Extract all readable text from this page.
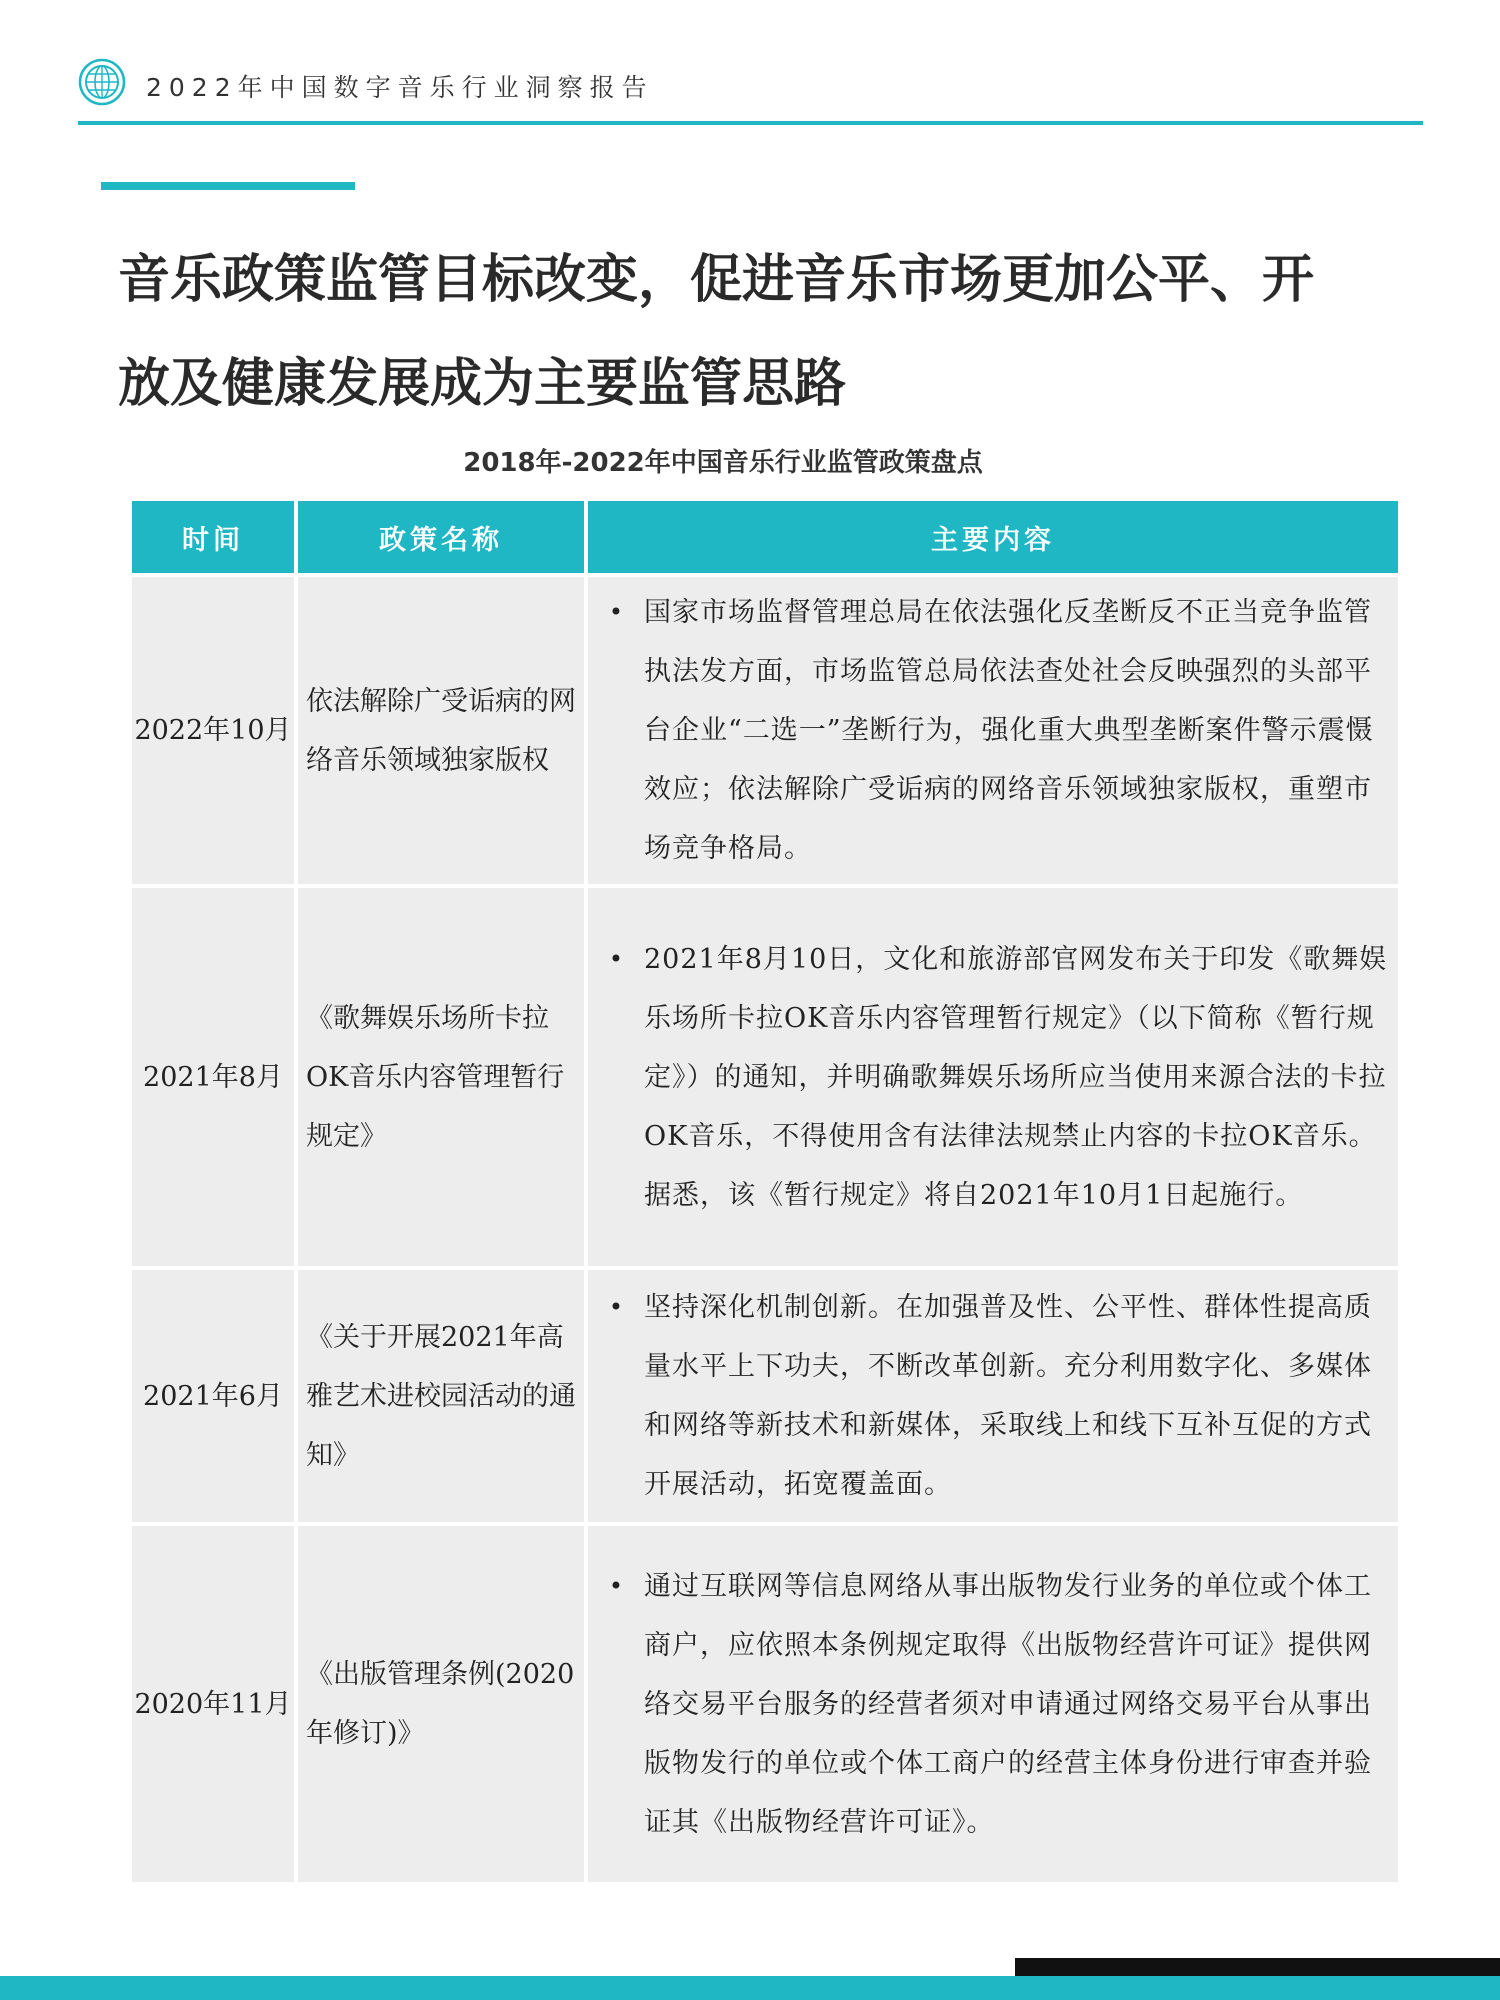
2022年中国数字音乐行业洞察报告
音乐政策监管目标改变，促进音乐市场更加公平、开
放及健康发展成为主要监管思路
2018年-2022年中国音乐行业监管政策盘点
时间	政策名称	主要内容
2022年10月	依法解除广受诟病的网络音乐领域独家版权	• 国家市场监督管理总局在依法强化反垄断反不正当竞争监管执法发方面，市场监管总局依法查处社会反映强烈的头部平台企业“二选一”垄断行为，强化重大典型垄断案件警示震慑效应；依法解除广受诟病的网络音乐领域独家版权，重塑市场竞争格局。

2021年8月	《歌舞娱乐场所卡拉OK音乐内容管理暂行规定》	• 2021年8月10日，文化和旅游部官网发布关于印发《歌舞娱乐场所卡拉OK音乐内容管理暂行规定》（以下简称《暂行规定》）的通知，并明确歌舞娱乐场所应当使用来源合法的卡拉OK音乐，不得使用含有法律法规禁止内容的卡拉OK音乐。据悉，该《暂行规定》将自2021年10月1日起施行。

2021年6月	《关于开展2021年高雅艺术进校园活动的通知》	• 坚持深化机制创新。在加强普及性、公平性、群体性提高质量水平上下功夫，不断改革创新。充分利用数字化、多媒体和网络等新技术和新媒体，采取线上和线下互补互促的方式开展活动，拓宽覆盖面。

2020年11月	《出版管理条例(2020年修订)》	• 通过互联网等信息网络从事出版物发行业务的单位或个体工商户，应依照本条例规定取得《出版物经营许可证》提供网络交易平台服务的经营者须对申请通过网络交易平台从事出版物发行的单位或个体工商户的经营主体身份进行审查并验证其《出版物经营许可证》。
